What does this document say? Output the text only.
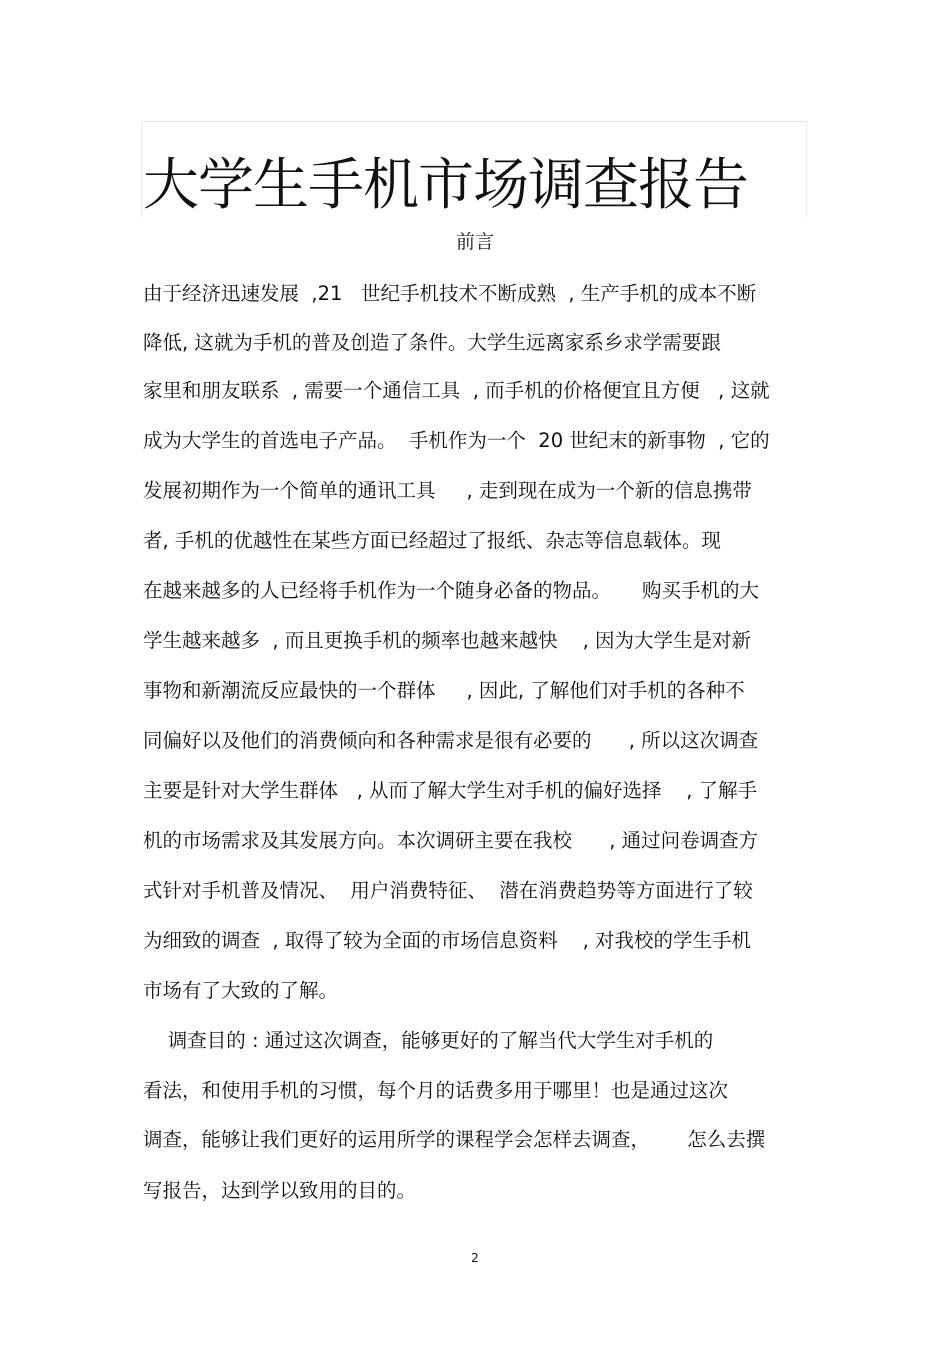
大学生手机市场调查报告

前言

由于经济迅速发展  ,21   世纪手机技术不断成熟  , 生产手机的成本不断

降低, 这就为手机的普及创造了条件。大学生远离家系乡求学需要跟

家里和朋友联系  , 需要一个通信工具  , 而手机的价格便宜且方便   , 这就

成为大学生的首选电子产品。  手机作为一个  20 世纪末的新事物  , 它的

发展初期作为一个简单的通讯工具     , 走到现在成为一个新的信息携带

者, 手机的优越性在某些方面已经超过了报纸、杂志等信息载体。现

在越来越多的人已经将手机作为一个随身必备的物品。     购买手机的大

学生越来越多  , 而且更换手机的频率也越来越快    , 因为大学生是对新

事物和新潮流反应最快的一个群体     , 因此, 了解他们对手机的各种不

同偏好以及他们的消费倾向和各种需求是很有必要的      , 所以这次调查

主要是针对大学生群体   , 从而了解大学生对手机的偏好选择    , 了解手

机的市场需求及其发展方向。本次调研主要在我校      , 通过问卷调查方

式针对手机普及情况、  用户消费特征、  潜在消费趋势等方面进行了较

为细致的调查  , 取得了较为全面的市场信息资料    , 对我校的学生手机

市场有了大致的了解。

调查目的 : 通过这次调查，能够更好的了解当代大学生对手机的

看法，和使用手机的习惯，每个月的话费多用于哪里！也是通过这次

调查，能够让我们更好的运用所学的课程学会怎样去调查，      怎么去撰

写报告，达到学以致用的目的。

2
